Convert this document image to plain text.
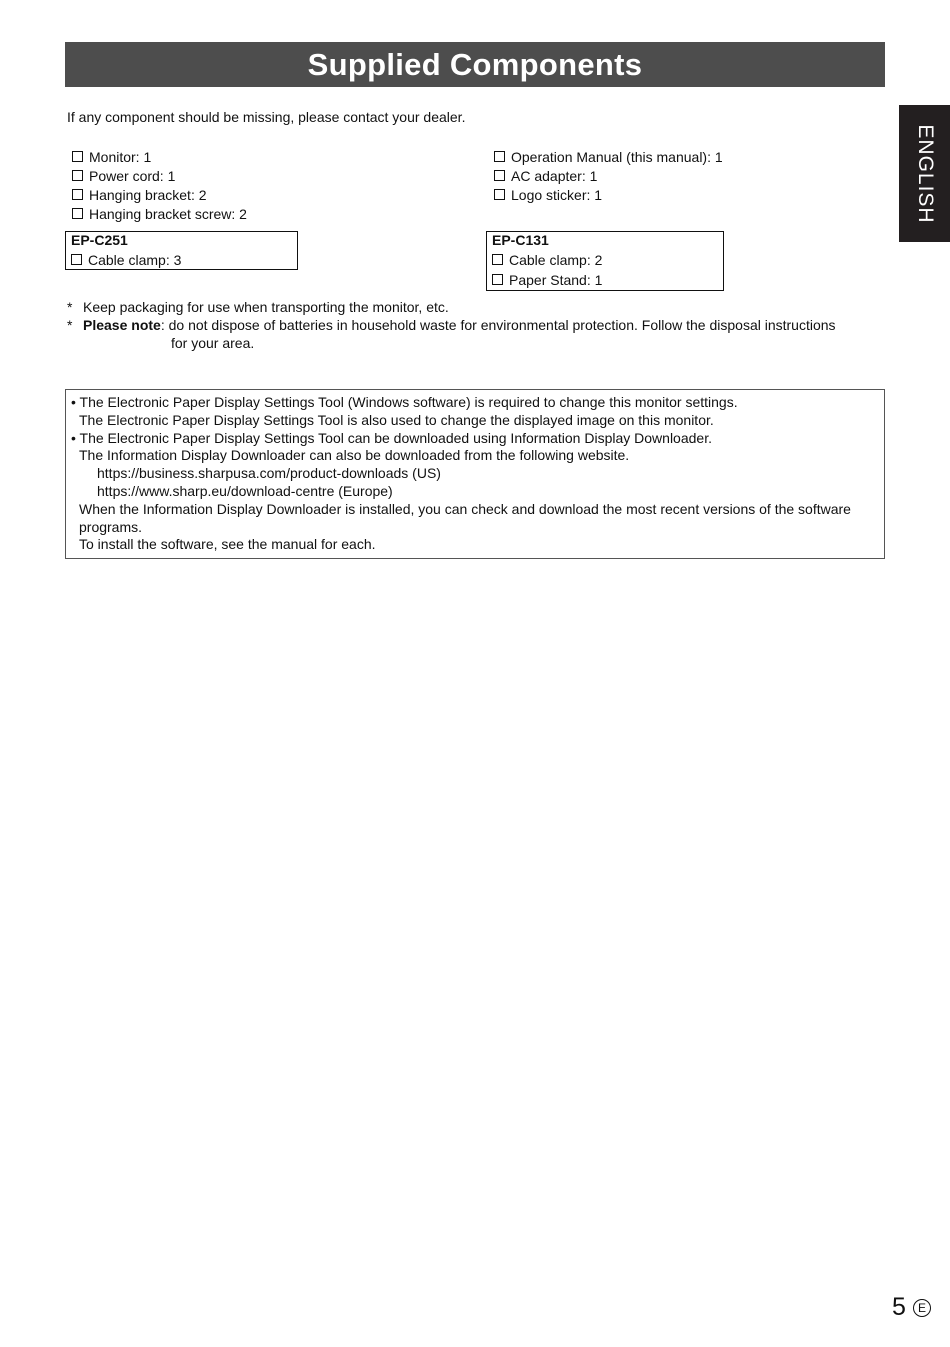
Supplied Components
ENGLISH
If any component should be missing, please contact your dealer.
Monitor: 1
Power cord: 1
Hanging bracket: 2
Hanging bracket screw: 2
Operation Manual (this manual): 1
AC adapter: 1
Logo sticker: 1
EP-C251
Cable clamp: 3
EP-C131
Cable clamp: 2
Paper Stand: 1
* Keep packaging for use when transporting the monitor, etc.
* Please note: do not dispose of batteries in household waste for environmental protection. Follow the disposal instructions
for your area.
• The Electronic Paper Display Settings Tool (Windows software) is required to change this monitor settings.
The Electronic Paper Display Settings Tool is also used to change the displayed image on this monitor.
• The Electronic Paper Display Settings Tool can be downloaded using Information Display Downloader.
The Information Display Downloader can also be downloaded from the following website.
https://business.sharpusa.com/product-downloads (US)
https://www.sharp.eu/download-centre (Europe)
When the Information Display Downloader is installed, you can check and download the most recent versions of the software
programs.
To install the software, see the manual for each.
5	E
